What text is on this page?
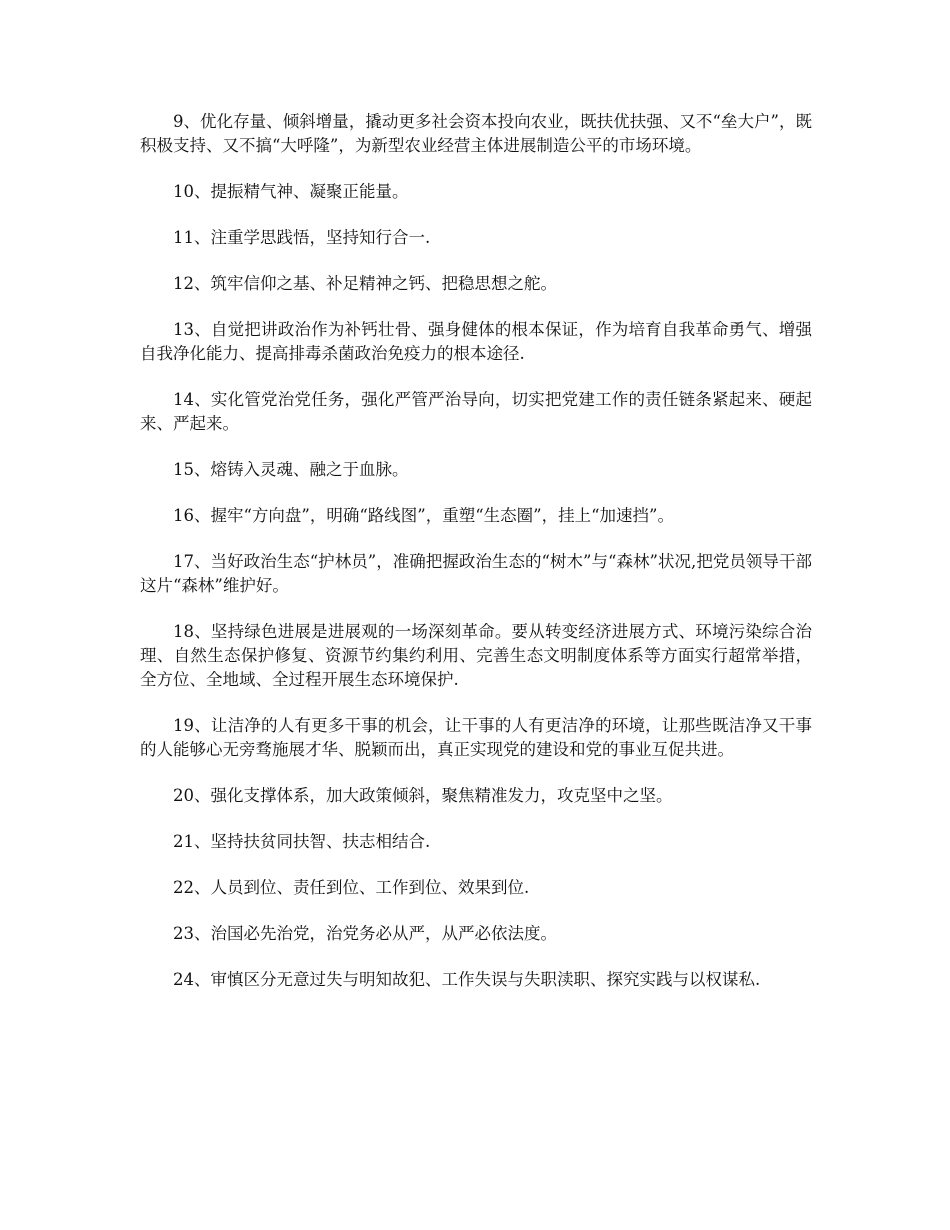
9、优化存量、倾斜增量，撬动更多社会资本投向农业，既扶优扶强、又不“垒大户”，既积极支持、又不搞“大呼隆”，为新型农业经营主体进展制造公平的市场环境。

10、提振精气神、凝聚正能量。

11、注重学思践悟，坚持知行合一.

12、筑牢信仰之基、补足精神之钙、把稳思想之舵。

13、自觉把讲政治作为补钙壮骨、强身健体的根本保证，作为培育自我革命勇气、增强自我净化能力、提高排毒杀菌政治免疫力的根本途径.

14、实化管党治党任务，强化严管严治导向，切实把党建工作的责任链条紧起来、硬起来、严起来。

15、熔铸入灵魂、融之于血脉。

16、握牢“方向盘”，明确“路线图”，重塑“生态圈”，挂上“加速挡”。

17、当好政治生态“护林员”，准确把握政治生态的“树木”与“森林”状况,把党员领导干部这片“森林”维护好。

18、坚持绿色进展是进展观的一场深刻革命。要从转变经济进展方式、环境污染综合治理、自然生态保护修复、资源节约集约利用、完善生态文明制度体系等方面实行超常举措，全方位、全地域、全过程开展生态环境保护.

19、让洁净的人有更多干事的机会，让干事的人有更洁净的环境，让那些既洁净又干事的人能够心无旁骛施展才华、脱颖而出，真正实现党的建设和党的事业互促共进。

20、强化支撑体系，加大政策倾斜，聚焦精准发力，攻克坚中之坚。

21、坚持扶贫同扶智、扶志相结合.

22、人员到位、责任到位、工作到位、效果到位.

23、治国必先治党，治党务必从严，从严必依法度。

24、审慎区分无意过失与明知故犯、工作失误与失职渎职、探究实践与以权谋私.
